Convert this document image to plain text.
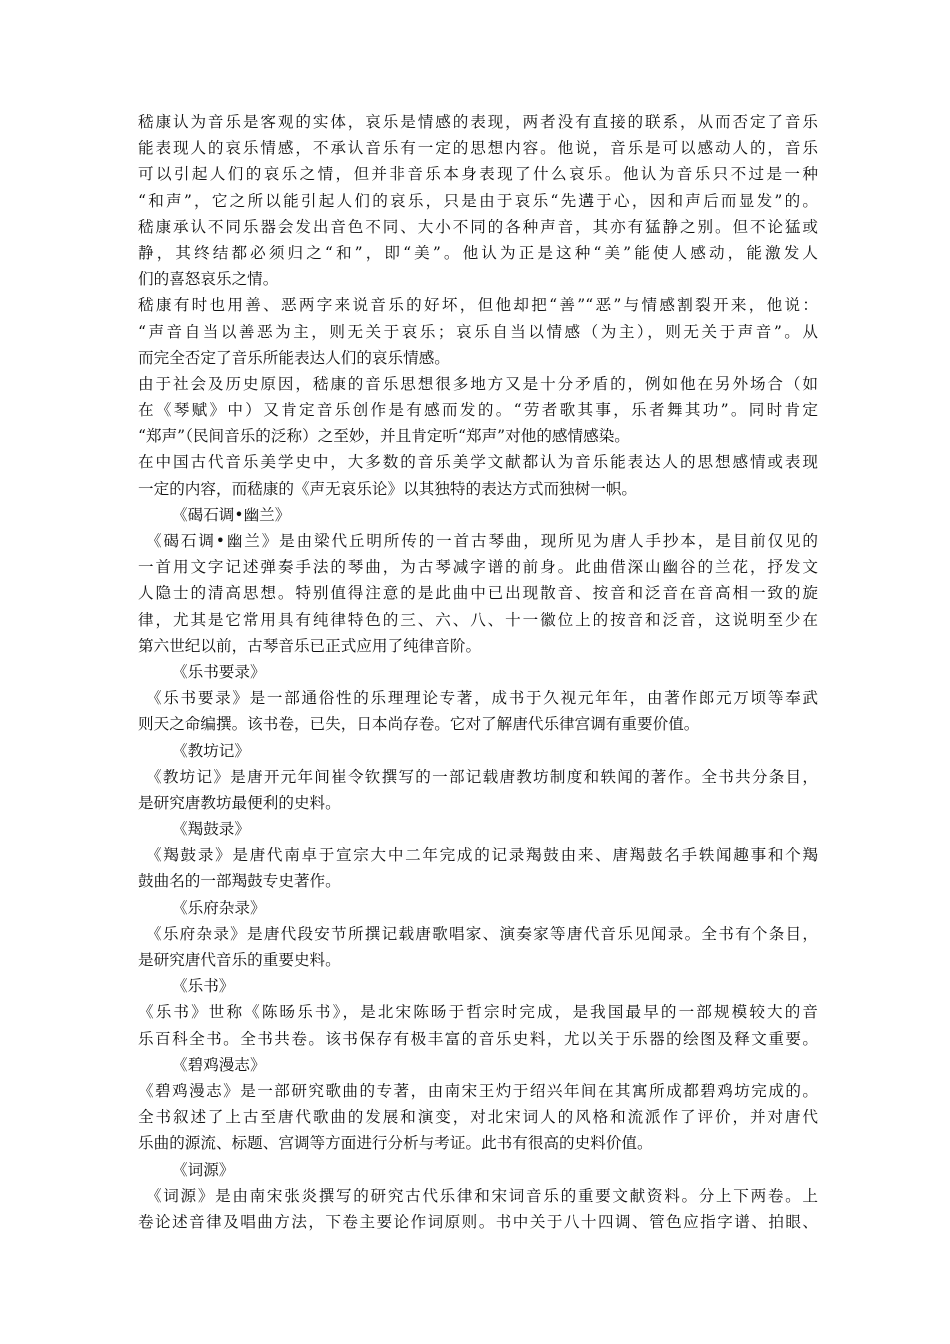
嵇康认为音乐是客观的实体，哀乐是情感的表现，两者没有直接的联系，从而否定了音乐
能表现人的哀乐情感，不承认音乐有一定的思想内容。他说，音乐是可以感动人的，音乐
可以引起人们的哀乐之情，但并非音乐本身表现了什么哀乐。他认为音乐只不过是一种
“和声”，它之所以能引起人们的哀乐，只是由于哀乐“先遘于心，因和声后而显发”的。
嵇康承认不同乐器会发出音色不同、大小不同的各种声音，其亦有猛静之别。但不论猛或
静，其终结都必须归之“和”，即“美”。他认为正是这种“美”能使人感动，能激发人
们的喜怒哀乐之情。
嵇康有时也用善、恶两字来说音乐的好坏，但他却把“善”“恶”与情感割裂开来，他说：
“声音自当以善恶为主，则无关于哀乐；哀乐自当以情感（为主），则无关于声音”。从
而完全否定了音乐所能表达人们的哀乐情感。
由于社会及历史原因，嵇康的音乐思想很多地方又是十分矛盾的，例如他在另外场合（如
在《琴赋》中）又肯定音乐创作是有感而发的。“劳者歌其事，乐者舞其功”。同时肯定
“郑声”（民间音乐的泛称）之至妙，并且肯定听“郑声”对他的感情感染。
在中国古代音乐美学史中，大多数的音乐美学文献都认为音乐能表达人的思想感情或表现
一定的内容，而嵇康的《声无哀乐论》以其独特的表达方式而独树一帜。
《碣石调•幽兰》
《碣石调•幽兰》是由梁代丘明所传的一首古琴曲，现所见为唐人手抄本，是目前仅见的
一首用文字记述弹奏手法的琴曲，为古琴减字谱的前身。此曲借深山幽谷的兰花，抒发文
人隐士的清高思想。特别值得注意的是此曲中已出现散音、按音和泛音在音高相一致的旋
律，尤其是它常用具有纯律特色的三、六、八、十一徽位上的按音和泛音，这说明至少在
第六世纪以前，古琴音乐已正式应用了纯律音阶。
《乐书要录》
《乐书要录》是一部通俗性的乐理理论专著，成书于久视元年年，由著作郎元万顷等奉武
则天之命编撰。该书卷，已失，日本尚存卷。它对了解唐代乐律宫调有重要价值。
《教坊记》
《教坊记》是唐开元年间崔令钦撰写的一部记载唐教坊制度和轶闻的著作。全书共分条目，
是研究唐教坊最便利的史料。
《羯鼓录》
《羯鼓录》是唐代南卓于宣宗大中二年完成的记录羯鼓由来、唐羯鼓名手轶闻趣事和个羯
鼓曲名的一部羯鼓专史著作。
《乐府杂录》
《乐府杂录》是唐代段安节所撰记载唐歌唱家、演奏家等唐代音乐见闻录。全书有个条目，
是研究唐代音乐的重要史料。
《乐书》
《乐书》世称《陈旸乐书》，是北宋陈旸于哲宗时完成，是我国最早的一部规模较大的音
乐百科全书。全书共卷。该书保存有极丰富的音乐史料，尤以关于乐器的绘图及释文重要。
《碧鸡漫志》
《碧鸡漫志》是一部研究歌曲的专著，由南宋王灼于绍兴年间在其寓所成都碧鸡坊完成的。
全书叙述了上古至唐代歌曲的发展和演变，对北宋词人的风格和流派作了评价，并对唐代
乐曲的源流、标题、宫调等方面进行分析与考证。此书有很高的史料价值。
《词源》
《词源》是由南宋张炎撰写的研究古代乐律和宋词音乐的重要文献资料。分上下两卷。上
卷论述音律及唱曲方法，下卷主要论作词原则。书中关于八十四调、管色应指字谱、拍眼、
